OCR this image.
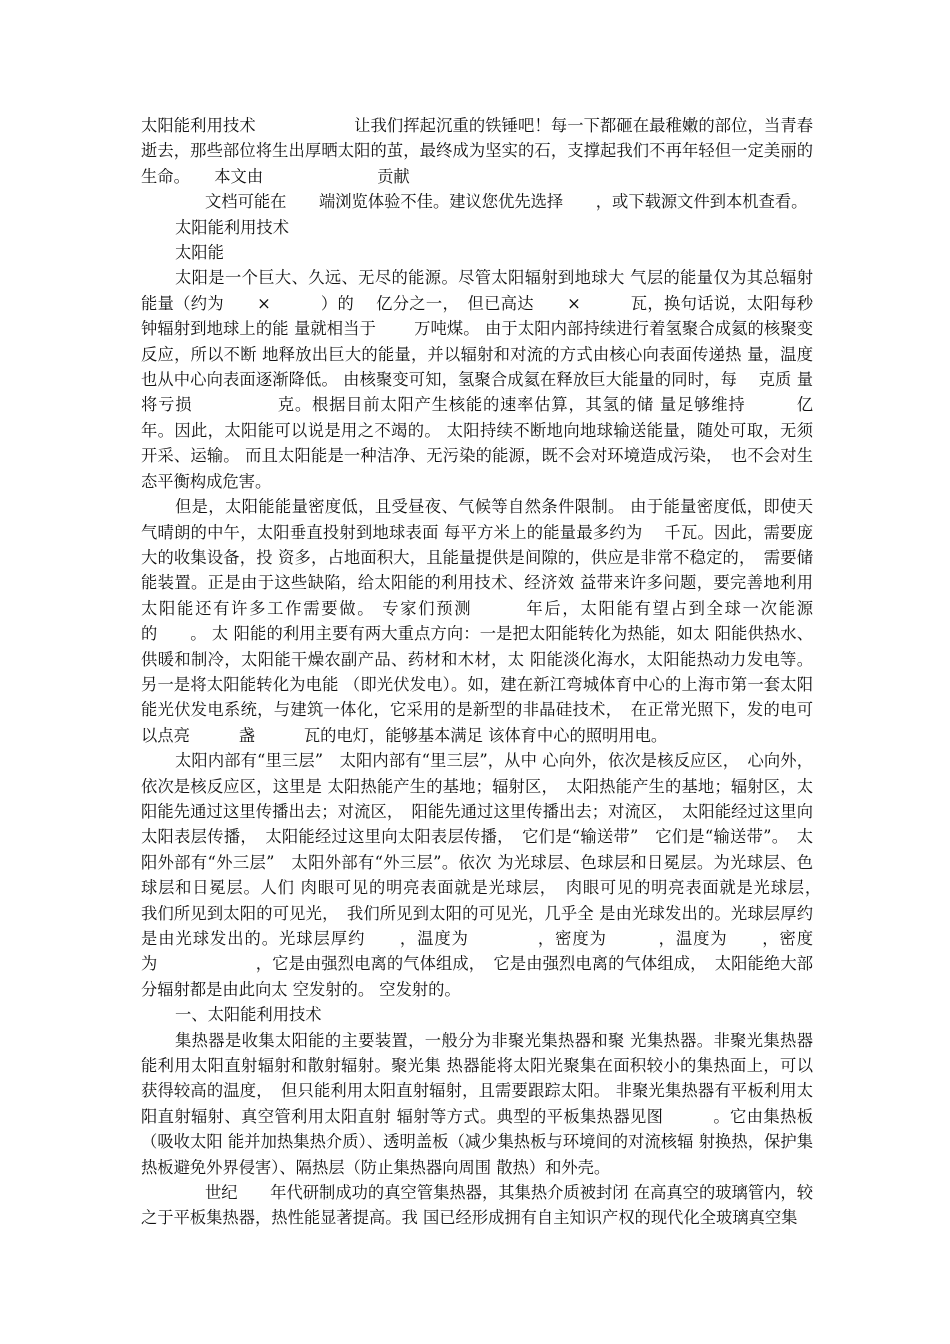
太阳能利用技术　　　　　　让我们挥起沉重的铁锤吧！每一下都砸在最稚嫩的部位，当青春逝去，那些部位将生出厚晒太阳的茧，最终成为坚实的石，支撑起我们不再年轻但一定美丽的生命。　　本文由　　　　　　　贡献

文档可能在　　端浏览体验不佳。建议您优先选择　　，或下载源文件到本机查看。

太阳能利用技术

太阳能

太阳是一个巨大、久远、无尽的能源。尽管太阳辐射到地球大 气层的能量仅为其总辐射能量（约为　　×　　　）的　 亿分之一，　但已高达　　×　　　瓦，换句话说，太阳每秒钟辐射到地球上的能 量就相当于　　 万吨煤。 由于太阳内部持续进行着氢聚合成氦的核聚变反应，所以不断 地释放出巨大的能量，并以辐射和对流的方式由核心向表面传递热 量，温度也从中心向表面逐渐降低。 由核聚变可知，氢聚合成氦在释放巨大能量的同时，每　 克质 量将亏损　　　　　克。根据目前太阳产生核能的速率估算，其氢的储 量足够维持　　　亿年。因此，太阳能可以说是用之不竭的。 太阳持续不断地向地球输送能量，随处可取，无须开采、运输。 而且太阳能是一种洁净、无污染的能源，既不会对环境造成污染，　也不会对生态平衡构成危害。

但是，太阳能能量密度低，且受昼夜、气候等自然条件限制。 由于能量密度低，即使天气晴朗的中午，太阳垂直投射到地球表面 每平方米上的能量最多约为　 千瓦。因此，需要庞大的收集设备，投 资多，占地面积大，且能量提供是间隙的，供应是非常不稳定的，　需要储能装置。正是由于这些缺陷，给太阳能的利用技术、经济效 益带来许多问题，要完善地利用太阳能还有许多工作需要做。 专家们预测　　　年后，太阳能有望占到全球一次能源的　　。 太 阳能的利用主要有两大重点方向：一是把太阳能转化为热能，如太 阳能供热水、供暖和制冷，太阳能干燥农副产品、药材和木材，太 阳能淡化海水，太阳能热动力发电等。另一是将太阳能转化为电能 （即光伏发电）。如，建在新江弯城体育中心的上海市第一套太阳 能光伏发电系统，与建筑一体化，它采用的是新型的非晶硅技术，　在正常光照下，发的电可以点亮　　　盏　　　瓦的电灯，能够基本满足 该体育中心的照明用电。

太阳内部有“里三层”　太阳内部有“里三层”，从中 心向外，依次是核反应区，　心向外，依次是核反应区，这里是 太阳热能产生的基地；辐射区，　太阳热能产生的基地；辐射区，太 阳能先通过这里传播出去；对流区，　阳能先通过这里传播出去；对流区，　太阳能经过这里向太阳表层传播，　太阳能经过这里向太阳表层传播，　它们是“输送带”　它们是“输送带”。　太阳外部有“外三层”　太阳外部有“外三层”。依次 为光球层、色球层和日冕层。为光球层、色球层和日冕层。人们 肉眼可见的明亮表面就是光球层，　肉眼可见的明亮表面就是光球层，　我们所见到太阳的可见光，　我们所见到太阳的可见光，几乎全 是由光球发出的。光球层厚约　　　是由光球发出的。光球层厚约　　，温度为　　　　，密度为　　　，温度为　　，密度为　　　　　　，它是由强烈电离的气体组成，　它是由强烈电离的气体组成，　太阳能绝大部分辐射都是由此向太 空发射的。 空发射的。

一、太阳能利用技术

集热器是收集太阳能的主要装置，一般分为非聚光集热器和聚 光集热器。非聚光集热器能利用太阳直射辐射和散射辐射。聚光集 热器能将太阳光聚集在面积较小的集热面上，可以获得较高的温度，　但只能利用太阳直射辐射，且需要跟踪太阳。 非聚光集热器有平板利用太阳直射辐射、真空管利用太阳直射 辐射等方式。典型的平板集热器见图　　　。它由集热板（吸收太阳 能并加热集热介质）、透明盖板（减少集热板与环境间的对流核辐 射换热，保护集热板避免外界侵害）、隔热层（防止集热器向周围 散热）和外壳。

世纪　　年代研制成功的真空管集热器，其集热介质被封闭 在高真空的玻璃管内，较之于平板集热器，热性能显著提高。我 国已经形成拥有自主知识产权的现代化全玻璃真空集
